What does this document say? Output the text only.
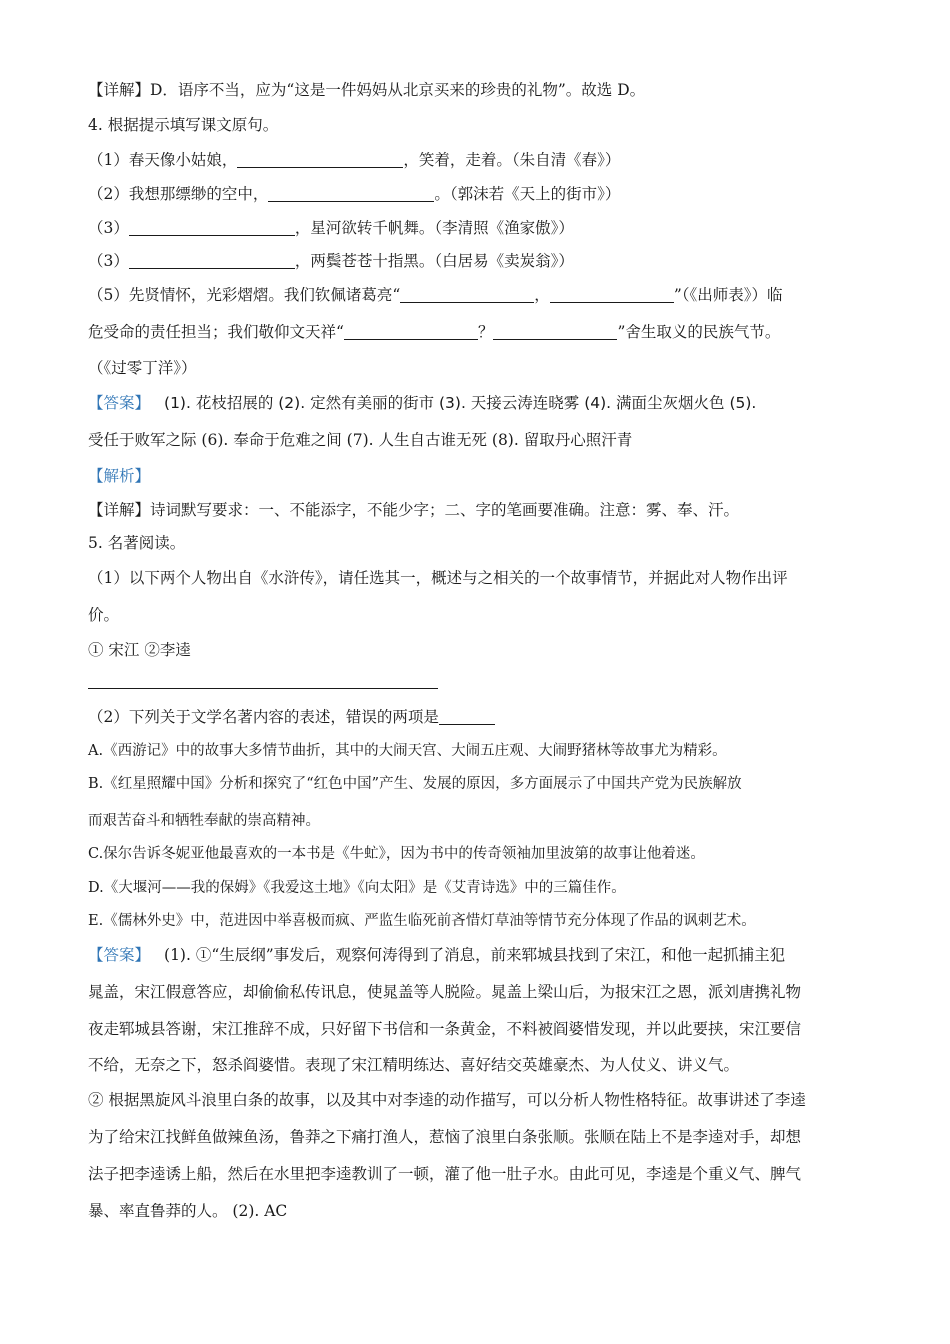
【详解】D．语序不当，应为“这是一件妈妈从北京买来的珍贵的礼物”。故选 D。
4. 根据提示填写课文原句。
（1）春天像小姑娘，	，笑着，走着。（朱自清《春》）
（2）我想那缥缈的空中，	。（郭沫若《天上的街市》）
（3）	，星河欲转千帆舞。（李清照《渔家傲》）
（3）	，两鬓苍苍十指黑。（白居易《卖炭翁》）
（5）先贤情怀，光彩熠熠。我们钦佩诸葛亮“	，	”（《出师表》）临
危受命的责任担当；我们敬仰文天祥“	？	”舍生取义的民族气节。
（《过零丁洋》）
【答案】 (1). 花枝招展的 (2). 定然有美丽的街市 (3). 天接云涛连晓雾 (4). 满面尘灰烟火色 (5).
受任于败军之际 (6). 奉命于危难之间 (7). 人生自古谁无死 (8). 留取丹心照汗青
【解析】
【详解】诗词默写要求：一、不能添字，不能少字；二、字的笔画要准确。注意：雾、奉、汗。
5. 名著阅读。
（1）以下两个人物出自《水浒传》，请任选其一，概述与之相关的一个故事情节，并据此对人物作出评
价。
① 宋江 ②李逵
（2）下列关于文学名著内容的表述，错误的两项是
A.《西游记》中的故事大多情节曲折，其中的大闹天宫、大闹五庄观、大闹野猪林等故事尤为精彩。
B.《红星照耀中国》分析和探究了“红色中国”产生、发展的原因，多方面展示了中国共产党为民族解放
而艰苦奋斗和牺牲奉献的崇高精神。
C.保尔告诉冬妮亚他最喜欢的一本书是《牛虻》，因为书中的传奇领袖加里波第的故事让他着迷。
D.《大堰河——我的保姆》《我爱这土地》《向太阳》是《艾青诗选》中的三篇佳作。
E.《儒林外史》中，范进因中举喜极而疯、严监生临死前吝惜灯草油等情节充分体现了作品的讽刺艺术。
【答案】 (1). ①“生辰纲”事发后，观察何涛得到了消息，前来郓城县找到了宋江，和他一起抓捕主犯
晁盖，宋江假意答应，却偷偷私传讯息，使晁盖等人脱险。晁盖上梁山后，为报宋江之恩，派刘唐携礼物
夜走郓城县答谢，宋江推辞不成，只好留下书信和一条黄金，不料被阎婆惜发现，并以此要挟，宋江要信
不给，无奈之下，怒杀阎婆惜。表现了宋江精明练达、喜好结交英雄豪杰、为人仗义、讲义气。
② 根据黑旋风斗浪里白条的故事，以及其中对李逵的动作描写，可以分析人物性格特征。故事讲述了李逵
为了给宋江找鲜鱼做辣鱼汤，鲁莽之下痛打渔人，惹恼了浪里白条张顺。张顺在陆上不是李逵对手，却想
法子把李逵诱上船，然后在水里把李逵教训了一顿，灌了他一肚子水。由此可见，李逵是个重义气、脾气
暴、率直鲁莽的人。 (2). AC
